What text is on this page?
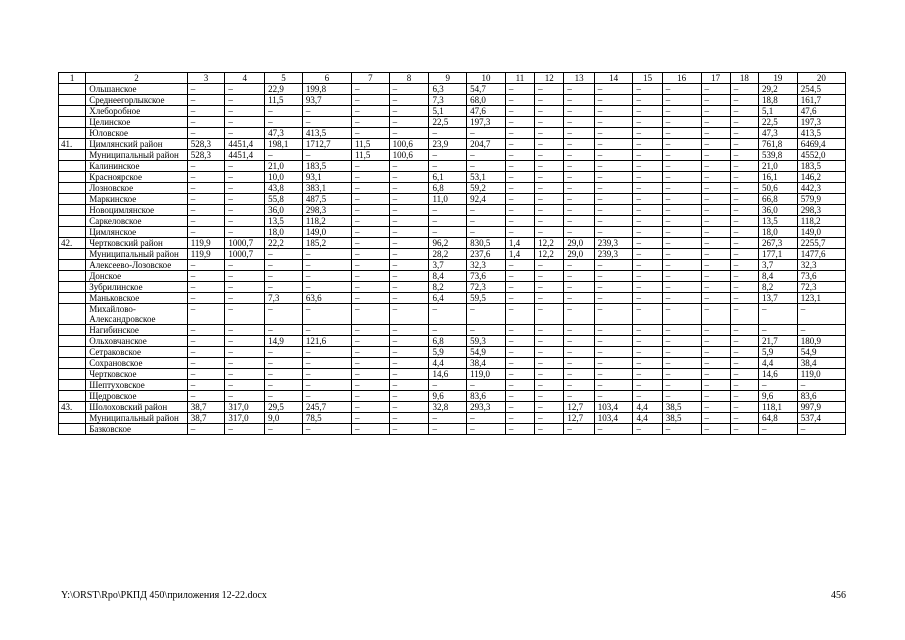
1	2	3	4	5	6	7	8	9	10	11	12	13	14	15	16	17	18	19	20
	Ольшанское	–	–	22,9	199,8	–	–	6,3	54,7	–	–	–	–	–	–	–	–	29,2	254,5
	Среднеегорлыкское	–	–	11,5	93,7	–	–	7,3	68,0	–	–	–	–	–	–	–	–	18,8	161,7
	Хлеборобное	–	–	–	–	–	–	5,1	47,6	–	–	–	–	–	–	–	–	5,1	47,6
	Целинское	–	–	–	–	–	–	22,5	197,3	–	–	–	–	–	–	–	–	22,5	197,3
	Юловское	–	–	47,3	413,5	–	–	–	–	–	–	–	–	–	–	–	–	47,3	413,5
41.	Цимлянский район	528,3	4451,4	198,1	1712,7	11,5	100,6	23,9	204,7	–	–	–	–	–	–	–	–	761,8	6469,4
	Муниципальный район	528,3	4451,4	–	–	11,5	100,6	–	–	–	–	–	–	–	–	–	–	539,8	4552,0
	Калининское	–	–	21,0	183,5	–	–	–	–	–	–	–	–	–	–	–	–	21,0	183,5
	Красноярское	–	–	10,0	93,1	–	–	6,1	53,1	–	–	–	–	–	–	–	–	16,1	146,2
	Лозновское	–	–	43,8	383,1	–	–	6,8	59,2	–	–	–	–	–	–	–	–	50,6	442,3
	Маркинское	–	–	55,8	487,5	–	–	11,0	92,4	–	–	–	–	–	–	–	–	66,8	579,9
	Новоцимлянское	–	–	36,0	298,3	–	–	–	–	–	–	–	–	–	–	–	–	36,0	298,3
	Саркеловское	–	–	13,5	118,2	–	–	–	–	–	–	–	–	–	–	–	–	13,5	118,2
	Цимлянское	–	–	18,0	149,0	–	–	–	–	–	–	–	–	–	–	–	–	18,0	149,0
42.	Чертковский район	119,9	1000,7	22,2	185,2	–	–	96,2	830,5	1,4	12,2	29,0	239,3	–	–	–	–	267,3	2255,7
	Муниципальный район	119,9	1000,7	–	–	–	–	28,2	237,6	1,4	12,2	29,0	239,3	–	–	–	–	177,1	1477,6
	Алексеево-Лозовское	–	–	–	–	–	–	3,7	32,3	–	–	–	–	–	–	–	–	3,7	32,3
	Донское	–	–	–	–	–	–	8,4	73,6	–	–	–	–	–	–	–	–	8,4	73,6
	Зубрилинское	–	–	–	–	–	–	8,2	72,3	–	–	–	–	–	–	–	–	8,2	72,3
	Маньковское	–	–	7,3	63,6	–	–	6,4	59,5	–	–	–	–	–	–	–	–	13,7	123,1
	Михайлово-Александровское	–	–	–	–	–	–	–	–	–	–	–	–	–	–	–	–	–	–
	Нагибинское	–	–	–	–	–	–	–	–	–	–	–	–	–	–	–	–	–	–
	Ольховчанское	–	–	14,9	121,6	–	–	6,8	59,3	–	–	–	–	–	–	–	–	21,7	180,9
	Сетраковское	–	–	–	–	–	–	5,9	54,9	–	–	–	–	–	–	–	–	5,9	54,9
	Сохрановское	–	–	–	–	–	–	4,4	38,4	–	–	–	–	–	–	–	–	4,4	38,4
	Чертковское	–	–	–	–	–	–	14,6	119,0	–	–	–	–	–	–	–	–	14,6	119,0
	Шептуховское	–	–	–	–	–	–	–	–	–	–	–	–	–	–	–	–	–	–
	Щедровское	–	–	–	–	–	–	9,6	83,6	–	–	–	–	–	–	–	–	9,6	83,6
43.	Шолоховский район	38,7	317,0	29,5	245,7	–	–	32,8	293,3	–	–	12,7	103,4	4,4	38,5	–	–	118,1	997,9
	Муниципальный район	38,7	317,0	9,0	78,5	–	–	–	–	–	–	12,7	103,4	4,4	38,5	–	–	64,8	537,4
	Базковское	–	–	–	–	–	–	–	–	–	–	–	–	–	–	–	–	–	–
Y:\ORST\Rpo\РКПД 450\приложения 12-22.docx	456
